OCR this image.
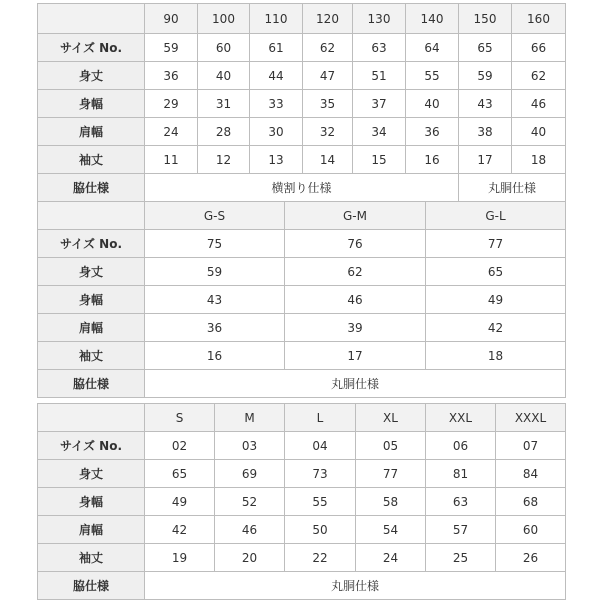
	90	100	110	120	130	140	150	160
サイズ No.	59	60	61	62	63	64	65	66
身丈	36	40	44	47	51	55	59	62
身幅	29	31	33	35	37	40	43	46
肩幅	24	28	30	32	34	36	38	40
袖丈	11	12	13	14	15	16	17	18
脇仕様	横割り仕様						丸胴仕様	
	G-S	G-M	G-L
サイズ No.	75	76	77
身丈	59	62	65
身幅	43	46	49
肩幅	36	39	42
袖丈	16	17	18
脇仕様	丸胴仕様		
	S	M	L	XL	XXL	XXXL
サイズ No.	02	03	04	05	06	07
身丈	65	69	73	77	81	84
身幅	49	52	55	58	63	68
肩幅	42	46	50	54	57	60
袖丈	19	20	22	24	25	26
脇仕様	丸胴仕様					
